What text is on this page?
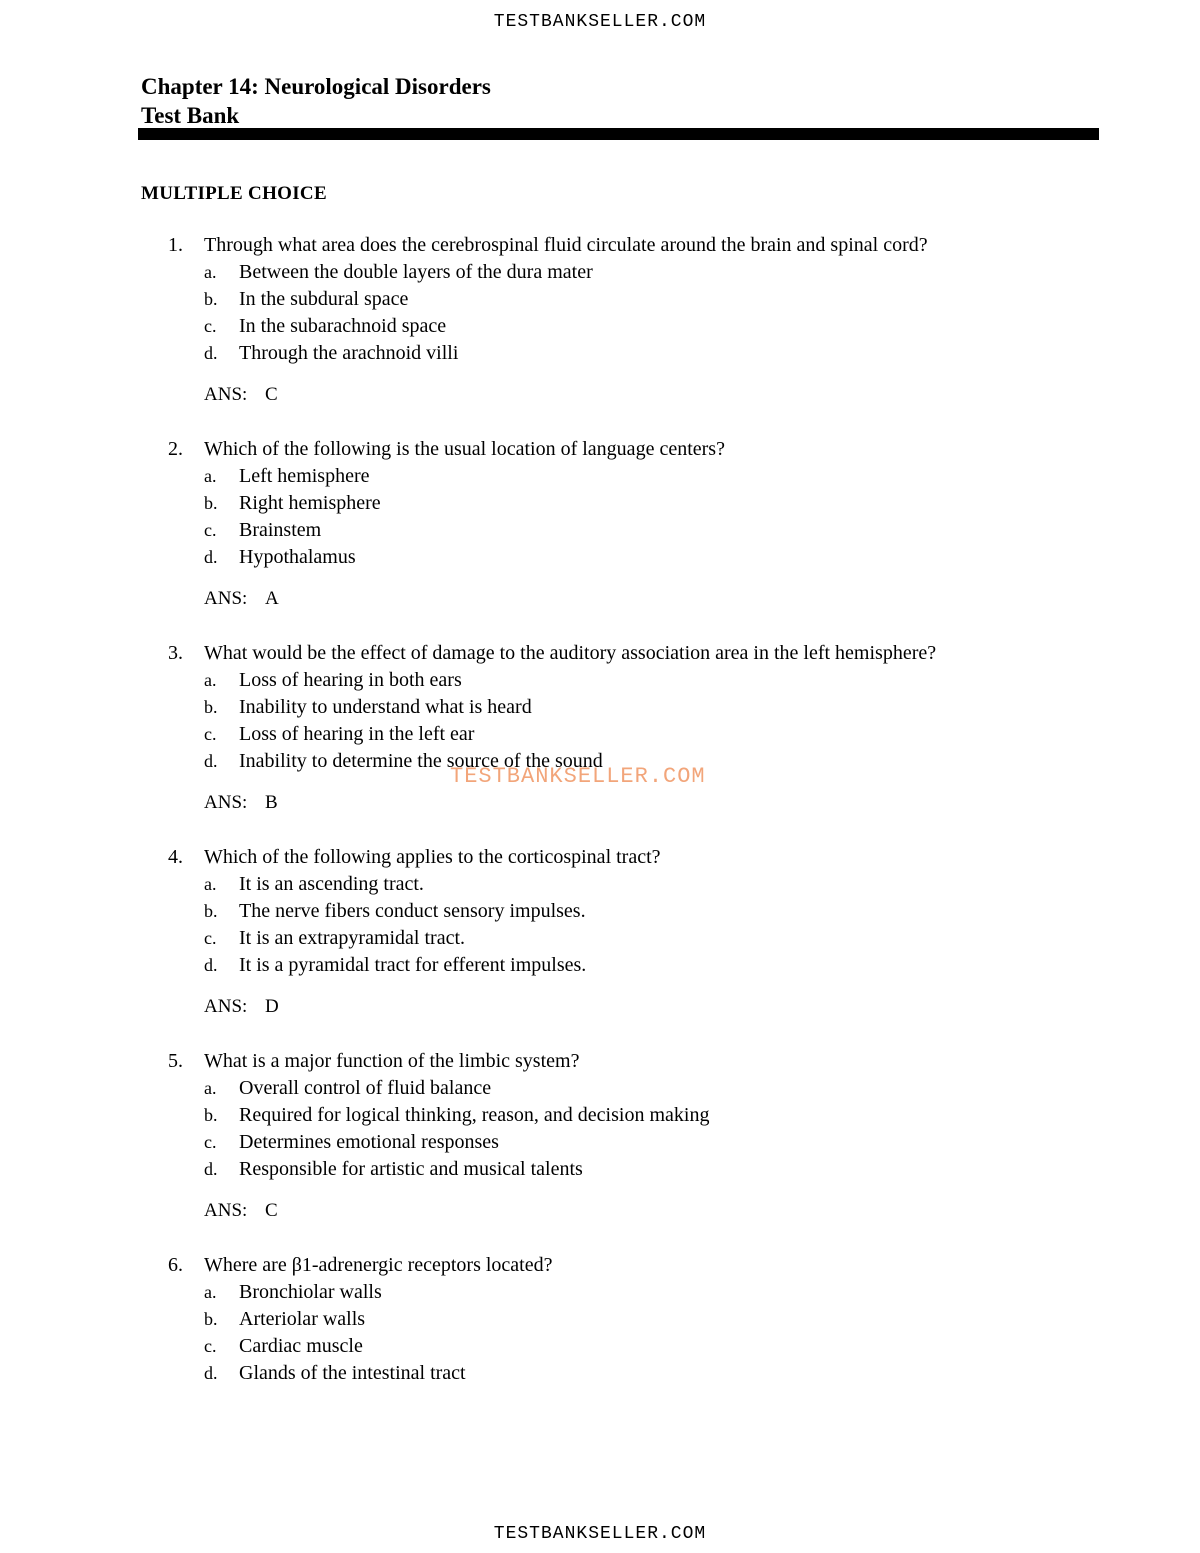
TESTBANKSELLER.COM
Chapter 14: Neurological Disorders
Test Bank
MULTIPLE CHOICE
1.	Through what area does the cerebrospinal fluid circulate around the brain and spinal cord?
a.	Between the double layers of the dura mater
b.	In the subdural space
c.	In the subarachnoid space
d.	Through the arachnoid villi
ANS: C
2.	Which of the following is the usual location of language centers?
a.	Left hemisphere
b.	Right hemisphere
c.	Brainstem
d.	Hypothalamus
ANS: A
3.	What would be the effect of damage to the auditory association area in the left hemisphere?
a.	Loss of hearing in both ears
b.	Inability to understand what is heard
c.	Loss of hearing in the left ear
d.	Inability to determine the source of the sound
ANS: B
4.	Which of the following applies to the corticospinal tract?
a.	It is an ascending tract.
b.	The nerve fibers conduct sensory impulses.
c.	It is an extrapyramidal tract.
d.	It is a pyramidal tract for efferent impulses.
ANS: D
5.	What is a major function of the limbic system?
a.	Overall control of fluid balance
b.	Required for logical thinking, reason, and decision making
c.	Determines emotional responses
d.	Responsible for artistic and musical talents
ANS: C
6.	Where are β1-adrenergic receptors located?
a.	Bronchiolar walls
b.	Arteriolar walls
c.	Cardiac muscle
d.	Glands of the intestinal tract
TESTBANKSELLER.COM
TESTBANKSELLER.COM
